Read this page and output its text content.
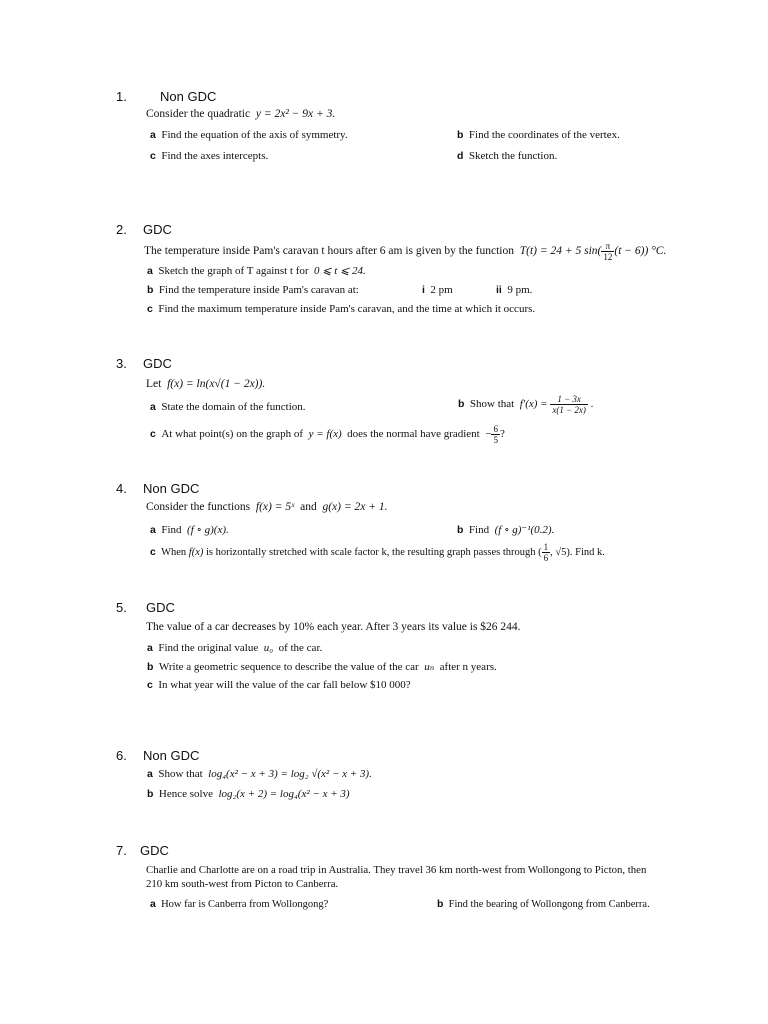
1.	Non GDC
Consider the quadratic y = 2x² − 9x + 3.
a Find the equation of the axis of symmetry.	b Find the coordinates of the vertex.
c Find the axes intercepts.	d Sketch the function.
2. GDC
The temperature inside Pam's caravan t hours after 6 am is given by the function T(t) = 24 + 5 $\sin( \frac{\pi}{12} (t - 6))$ °C.
a Sketch the graph of T against t for 0 ⩽ t ⩽ 24.
b Find the temperature inside Pam's caravan at:	i 2 pm	ii 9 pm.
c Find the maximum temperature inside Pam's caravan, and the time at which it occurs.
3. GDC
Let f(x) = ln(x√(1 − 2x)).
a State the domain of the function.	b Show that $f'(x) = \frac{1 - 3x}{x(1 - 2x)}$ .
c At what point(s) on the graph of y = f(x) does the normal have gradient − $\frac{6}{5}$ ?
4. Non GDC
Consider the functions f(x) = 5ˣ and g(x) = 2x + 1.
a Find (f ∘ g)(x).	b Find (f ∘ g)⁻¹(0.2).
c When f(x) is horizontally stretched with scale factor k, the resulting graph passes through ( $\frac{1}{6}$ , √5). Find k.
5. GDC
The value of a car decreases by 10% each year. After 3 years its value is $26 244.
a Find the original value u₀ of the car.
b Write a geometric sequence to describe the value of the car uₙ after n years.
c In what year will the value of the car fall below $10 000?
6. Non GDC
a Show that log₄(x² − x + 3) = log₂ √(x² − x + 3).
b Hence solve log₂(x + 2) = log₄(x² − x + 3)
7. GDC
Charlie and Charlotte are on a road trip in Australia. They travel 36 km north-west from Wollongong to Picton, then
210 km south-west from Picton to Canberra.
a How far is Canberra from Wollongong?	b Find the bearing of Wollongong from Canberra.
